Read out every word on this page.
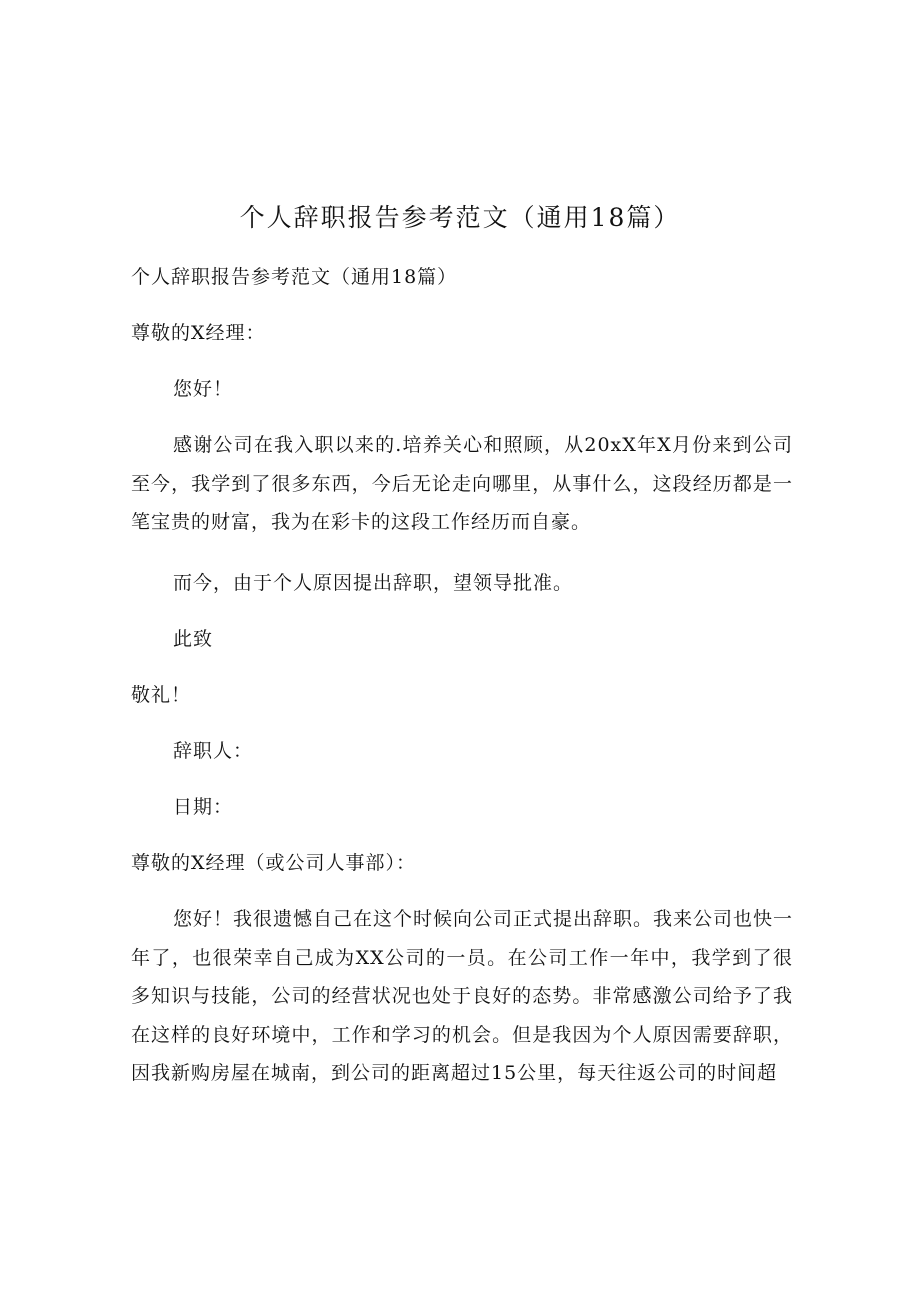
个人辞职报告参考范文（通用18篇）
个人辞职报告参考范文（通用18篇）
尊敬的X经理：
您好！

感谢公司在我入职以来的.培养关心和照顾，从20xX年X月份来到公司至今，我学到了很多东西，今后无论走向哪里，从事什么，这段经历都是一笔宝贵的财富，我为在彩卡的这段工作经历而自豪。

而今，由于个人原因提出辞职，望领导批准。
此致
敬礼！
辞职人：
日期：
尊敬的X经理（或公司人事部）：

您好！我很遗憾自己在这个时候向公司正式提出辞职。我来公司也快一年了，也很荣幸自己成为XX公司的一员。在公司工作一年中，我学到了很多知识与技能，公司的经营状况也处于良好的态势。非常感激公司给予了我在这样的良好环境中，工作和学习的机会。但是我因为个人原因需要辞职，因我新购房屋在城南，到公司的距离超过15公里，每天往返公司的时间超
